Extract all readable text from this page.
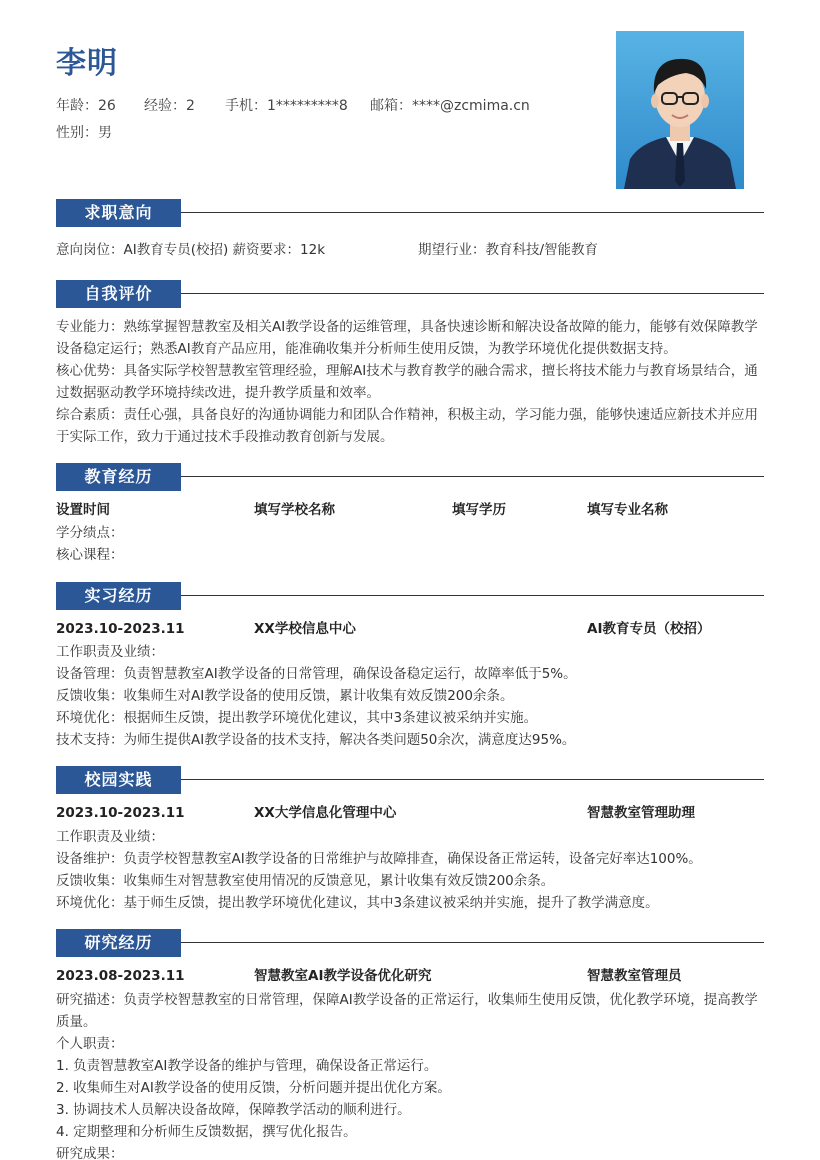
李明
年龄：26 经验：2 手机：1*********8 邮箱：****@zcmima.cn
性别：男
求职意向
意向岗位：AI教育专员(校招) 薪资要求：12k	期望行业：教育科技/智能教育
自我评价
专业能力：熟练掌握智慧教室及相关AI教学设备的运维管理，具备快速诊断和解决设备故障的能力，能够有效保障教学设备稳定运行；熟悉AI教育产品应用，能准确收集并分析师生使用反馈，为教学环境优化提供数据支持。
核心优势：具备实际学校智慧教室管理经验，理解AI技术与教育教学的融合需求，擅长将技术能力与教育场景结合，通过数据驱动教学环境持续改进，提升教学质量和效率。
综合素质：责任心强，具备良好的沟通协调能力和团队合作精神，积极主动，学习能力强，能够快速适应新技术并应用于实际工作，致力于通过技术手段推动教育创新与发展。
教育经历
设置时间	填写学校名称	填写学历	填写专业名称
学分绩点：
核心课程：
实习经历
2023.10-2023.11	XX学校信息中心	AI教育专员（校招）
工作职责及业绩：
设备管理：负责智慧教室AI教学设备的日常管理，确保设备稳定运行，故障率低于5%。
反馈收集：收集师生对AI教学设备的使用反馈，累计收集有效反馈200余条。
环境优化：根据师生反馈，提出教学环境优化建议，其中3条建议被采纳并实施。
技术支持：为师生提供AI教学设备的技术支持，解决各类问题50余次，满意度达95%。
校园实践
2023.10-2023.11	XX大学信息化管理中心	智慧教室管理助理
工作职责及业绩：
设备维护：负责学校智慧教室AI教学设备的日常维护与故障排查，确保设备正常运转，设备完好率达100%。
反馈收集：收集师生对智慧教室使用情况的反馈意见，累计收集有效反馈200余条。
环境优化：基于师生反馈，提出教学环境优化建议，其中3条建议被采纳并实施，提升了教学满意度。
研究经历
2023.08-2023.11	智慧教室AI教学设备优化研究	智慧教室管理员
研究描述：负责学校智慧教室的日常管理，保障AI教学设备的正常运行，收集师生使用反馈，优化教学环境，提高教学质量。
个人职责：
1. 负责智慧教室AI教学设备的维护与管理，确保设备正常运行。
2. 收集师生对AI教学设备的使用反馈，分析问题并提出优化方案。
3. 协调技术人员解决设备故障，保障教学活动的顺利进行。
4. 定期整理和分析师生反馈数据，撰写优化报告。
研究成果：
